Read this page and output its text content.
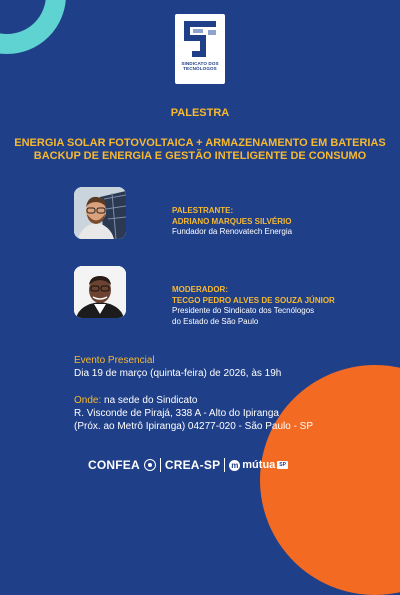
SINDICATO DOS
TECNÓLOGOS
PALESTRA
ENERGIA SOLAR FOTOVOLTAICA + ARMAZENAMENTO EM BATERIAS
BACKUP DE ENERGIA E GESTÃO INTELIGENTE DE CONSUMO
PALESTRANTE:
ADRIANO MARQUES SILVÉRIO
Fundador da Renovatech Energia
MODERADOR:
TECGO PEDRO ALVES DE SOUZA JÚNIOR
Presidente do Sindicato dos Tecnólogos
do Estado de São Paulo
Evento Presencial
Dia 19 de março (quinta-feira) de 2026, às 19h
Onde: na sede do Sindicato
R. Visconde de Pirajá, 338 A - Alto do Ipiranga
(Próx. ao Metrô Ipiranga) 04277-020 - São Paulo - SP
CONFEA CREA-SP m mútua SP
